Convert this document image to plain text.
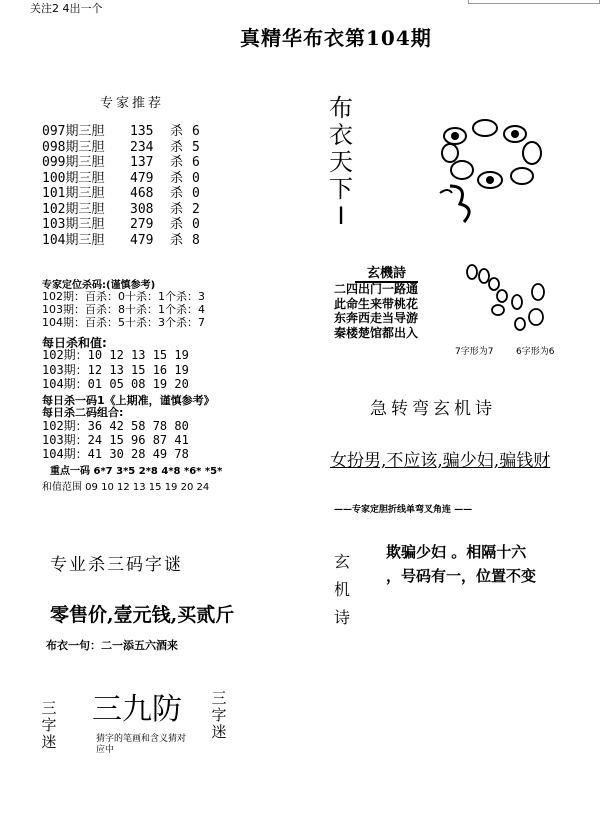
关注2 4出一个
真精华布衣第104期
专家推荐
097期三胆 135 杀 6
098期三胆 234 杀 5
099期三胆 137 杀 6
100期三胆 479 杀 0
101期三胆 468 杀 0
102期三胆 308 杀 2
103期三胆 279 杀 0
104期三胆 479 杀 8
专家定位杀码:(谨慎参考)
102期：百杀：0十杀：1个杀：3
103期：百杀：8十杀：1个杀：4
104期：百杀：5十杀：3个杀：7
每日杀和值:
102期：10 12 13 15 19
103期：12 13 15 16 19
104期：01 05 08 19 20
每日杀一码1《上期准，谨慎参考》
每日杀二码组合:
102期：36 42 58 78 80
103期：24 15 96 87 41
104期：41 30 28 49 78
重点一码 6*7 3*5 2*8 4*8 *6* *5*
和值范围 09 10 12 13 15 19 20 24
专业杀三码字谜
零售价,壹元钱,买贰斤
布衣一句：二一添五六酒来
三字迷
三字迷
三九防
猜字的笔画和含义猜对应中
布衣天下I
玄機詩
二四出门一路通
此命生来带桃花
东奔西走当导游
秦楼楚馆都出入
7字形为7	6字形为6
急转弯玄机诗
女扮男,不应该,骗少妇,骗钱财
——专家定胆折线单弯叉角连 ——
玄机诗
欺骗少妇 。相隔十六
，号码有一，位置不变
